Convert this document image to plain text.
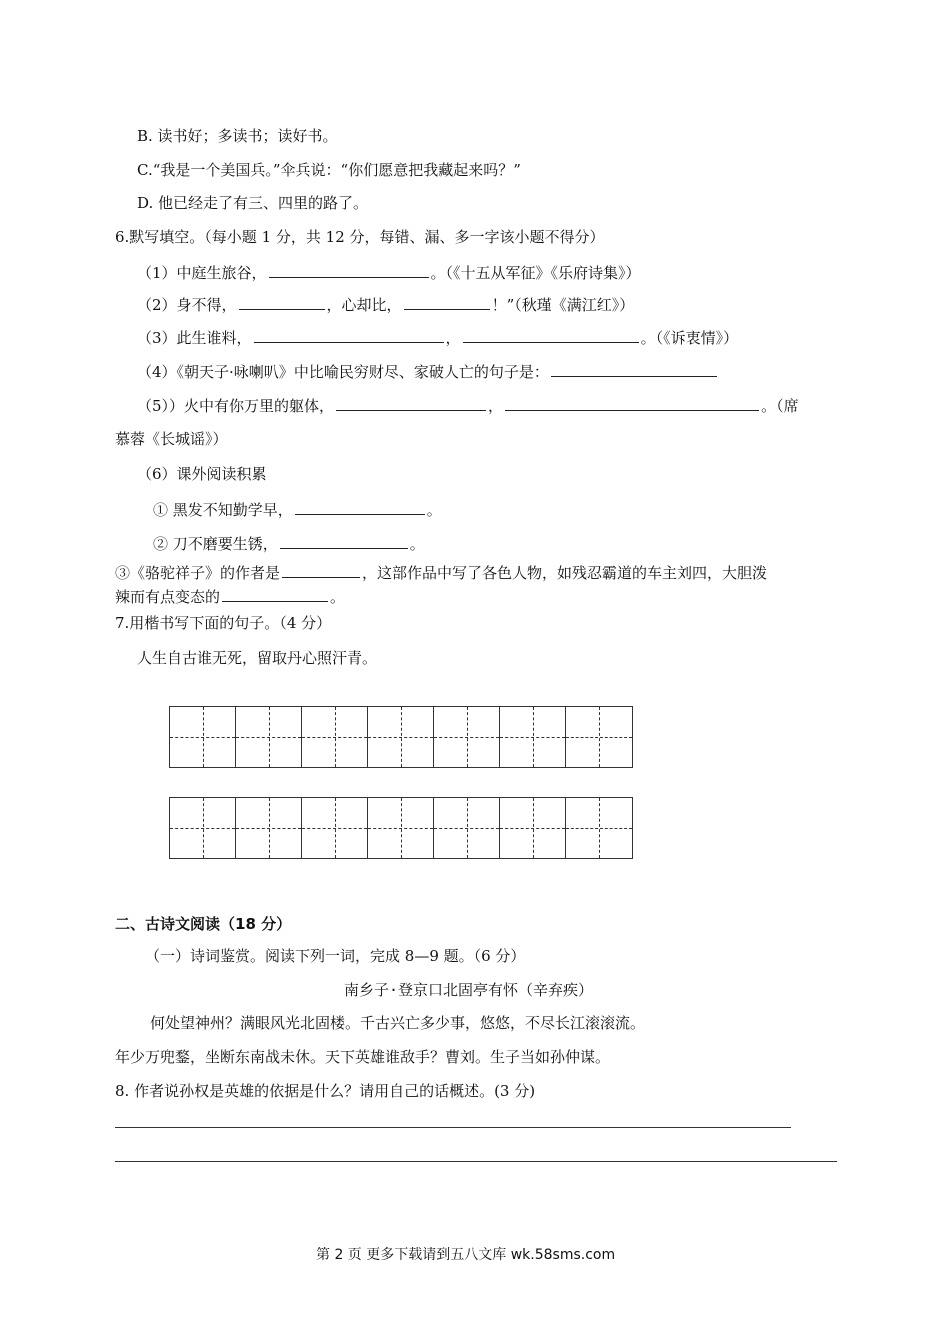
B. 读书好；多读书；读好书。
C.“我是一个美国兵。”伞兵说：“你们愿意把我藏起来吗？”
D. 他已经走了有三、四里的路了。
6.默写填空。（每小题 1 分，共 12 分，每错、漏、多一字该小题不得分）
（1）中庭生旅谷，	。（《十五从军征》《乐府诗集》）
（2）身不得，	，心却比，	！”（秋瑾《满江红》）
（3）此生谁料，	，	。（《诉衷情》）
（4）《朝天子·咏喇叭》中比喻民穷财尽、家破人亡的句子是：
（5））火中有你万里的躯体，	，	。（席
慕蓉《长城谣》）
（6）课外阅读积累
① 黑发不知勤学早，	。
② 刀不磨要生锈，	。
③《骆驼祥子》的作者是	，这部作品中写了各色人物，如残忍霸道的车主刘四，大胆泼
辣而有点变态的	。
7.用楷书写下面的句子。（4 分）
人生自古谁无死，留取丹心照汗青。
二、古诗文阅读（18 分）
（一）诗词鉴赏。阅读下列一词，完成 8—9 题。（6 分）
南乡子·登京口北固亭有怀（辛弃疾）
何处望神州？满眼风光北固楼。千古兴亡多少事，悠悠，不尽长江滚滚流。
年少万兜鍪，坐断东南战未休。天下英雄谁敌手？曹刘。生子当如孙仲谋。
8. 作者说孙权是英雄的依据是什么？请用自己的话概述。(3 分)
第 2 页 更多下载请到五八文库 wk.58sms.com
